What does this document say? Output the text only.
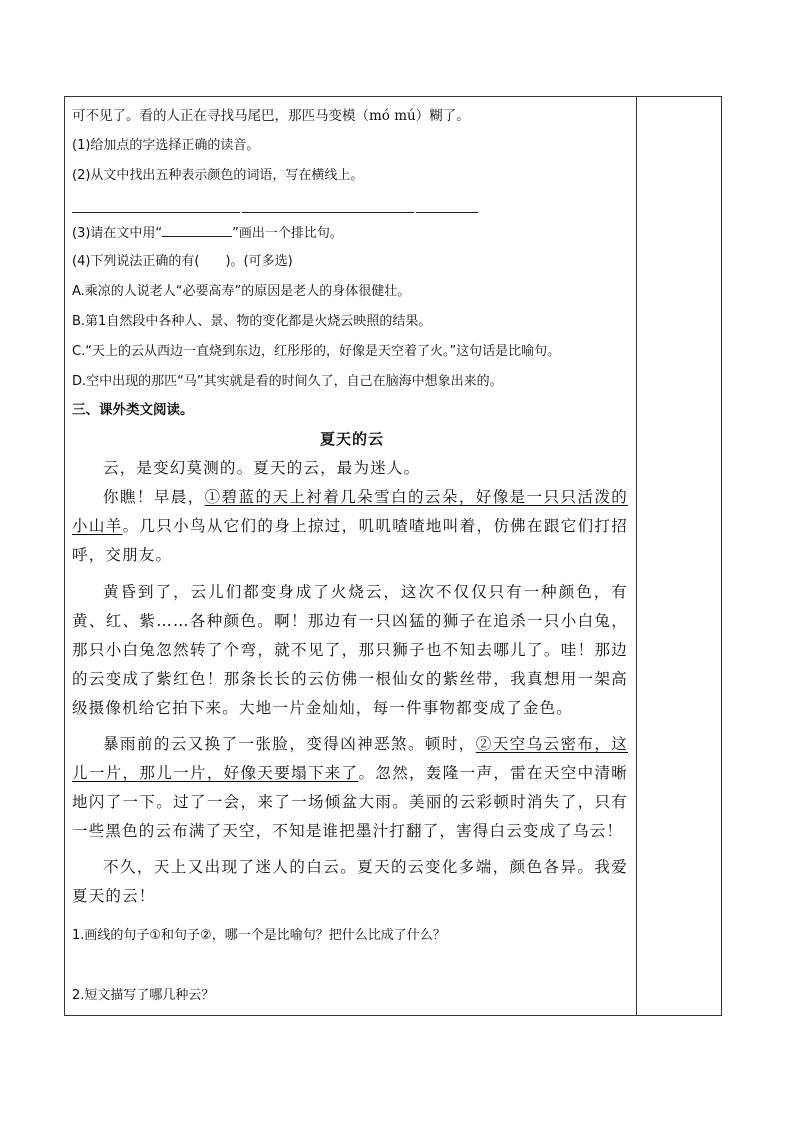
可不见了。看的人正在寻找马尾巴，那匹马变模（mó mú）糊了。
(1)给加点的字选择正确的读音。
(2)从文中找出五种表示颜色的词语，写在横线上。
(3)请在文中用“	”画出一个排比句。
(4)下列说法正确的有(　　)。(可多选)
A.乘凉的人说老人“必要高寿”的原因是老人的身体很健壮。
B.第1自然段中各种人、景、物的变化都是火烧云映照的结果。
C.“天上的云从西边一直烧到东边，红彤彤的，好像是天空着了火。”这句话是比喻句。
D.空中出现的那匹“马”其实就是看的时间久了，自己在脑海中想象出来的。
三、课外类文阅读。
夏天的云
云，是变幻莫测的。夏天的云，最为迷人。
你瞧！早晨，①碧蓝的天上衬着几朵雪白的云朵，好像是一只只活泼的小山羊。几只小鸟从它们的身上掠过，叽叽喳喳地叫着，仿佛在跟它们打招呼，交朋友。
黄昏到了，云儿们都变身成了火烧云，这次不仅仅只有一种颜色，有黄、红、紫……各种颜色。啊！那边有一只凶猛的狮子在追杀一只小白兔，那只小白兔忽然转了个弯，就不见了，那只狮子也不知去哪儿了。哇！那边的云变成了紫红色！那条长长的云仿佛一根仙女的紫丝带，我真想用一架高级摄像机给它拍下来。大地一片金灿灿，每一件事物都变成了金色。
暴雨前的云又换了一张脸，变得凶神恶煞。顿时，②天空乌云密布，这儿一片，那儿一片，好像天要塌下来了。忽然，轰隆一声，雷在天空中清晰地闪了一下。过了一会，来了一场倾盆大雨。美丽的云彩顿时消失了，只有一些黑色的云布满了天空，不知是谁把墨汁打翻了，害得白云变成了乌云！
不久，天上又出现了迷人的白云。夏天的云变化多端，颜色各异。我爱夏天的云！
1.画线的句子①和句子②，哪一个是比喻句？把什么比成了什么？
2.短文描写了哪几种云？
